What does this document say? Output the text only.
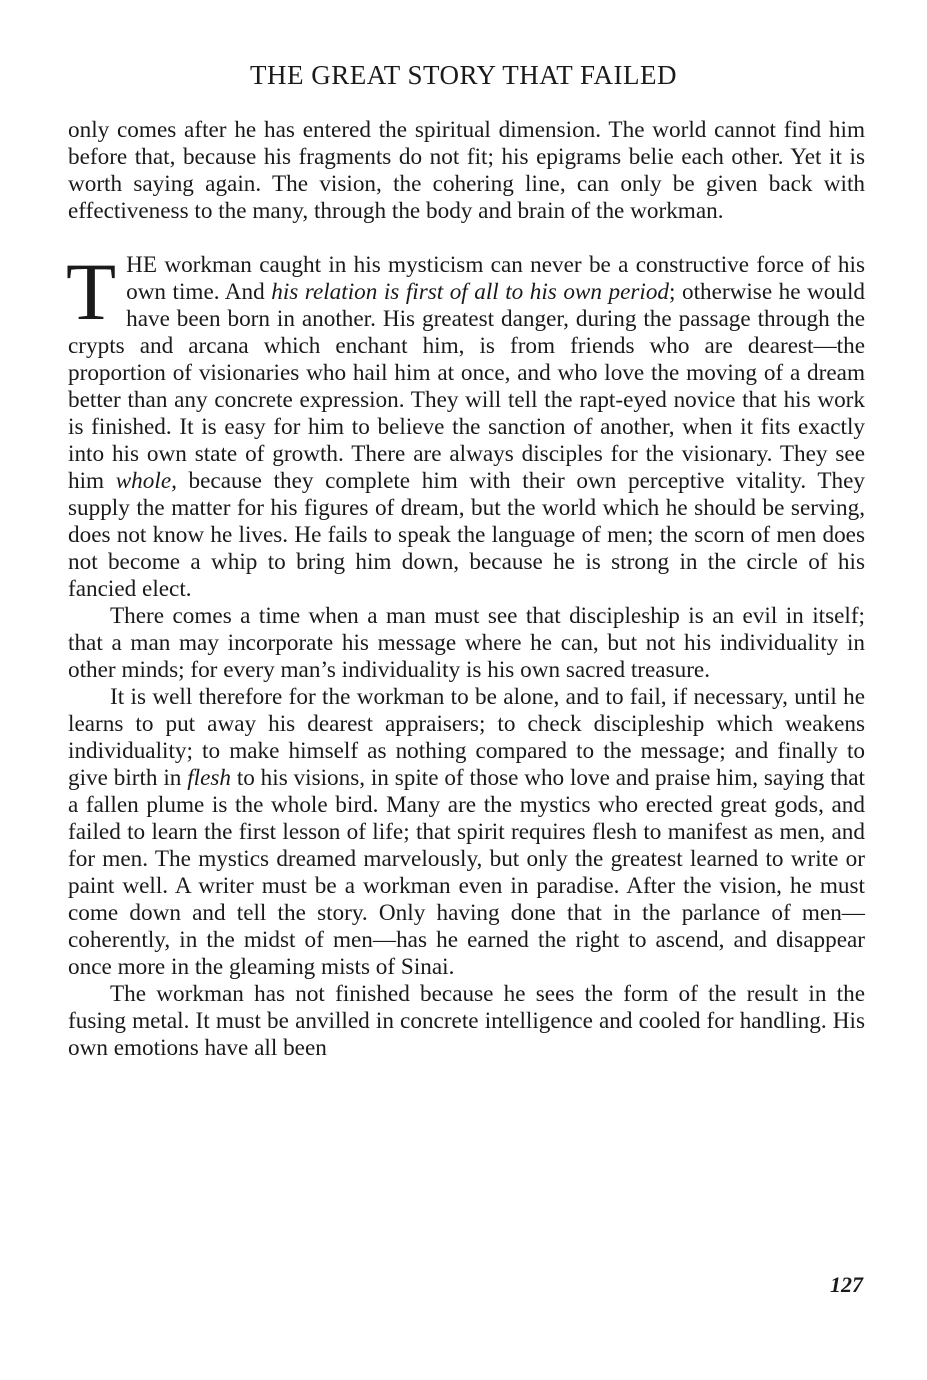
THE GREAT STORY THAT FAILED

only comes after he has entered the spiritual dimension. The world cannot find him before that, because his fragments do not fit; his epigrams belie each other. Yet it is worth saying again. The vision, the cohering line, can only be given back with effectiveness to the many, through the body and brain of the workman.

THE workman caught in his mysticism can never be a constructive force of his own time. And his relation is first of all to his own period; otherwise he would have been born in another. His greatest danger, during the passage through the crypts and arcana which enchant him, is from friends who are dearest—the proportion of visionaries who hail him at once, and who love the moving of a dream better than any concrete expression. They will tell the rapt-eyed novice that his work is finished. It is easy for him to believe the sanction of another, when it fits exactly into his own state of growth. There are always disciples for the visionary. They see him whole, because they complete him with their own perceptive vitality. They supply the matter for his figures of dream, but the world which he should be serving, does not know he lives. He fails to speak the language of men; the scorn of men does not become a whip to bring him down, because he is strong in the circle of his fancied elect.

There comes a time when a man must see that discipleship is an evil in itself; that a man may incorporate his message where he can, but not his individuality in other minds; for every man’s individuality is his own sacred treasure.

It is well therefore for the workman to be alone, and to fail, if necessary, until he learns to put away his dearest appraisers; to check discipleship which weakens individuality; to make himself as nothing compared to the message; and finally to give birth in flesh to his visions, in spite of those who love and praise him, saying that a fallen plume is the whole bird. Many are the mystics who erected great gods, and failed to learn the first lesson of life; that spirit requires flesh to manifest as men, and for men. The mystics dreamed marvelously, but only the greatest learned to write or paint well. A writer must be a workman even in paradise. After the vision, he must come down and tell the story. Only having done that in the parlance of men—coherently, in the midst of men—has he earned the right to ascend, and disappear once more in the gleaming mists of Sinai.

The workman has not finished because he sees the form of the result in the fusing metal. It must be anvilled in concrete intelligence and cooled for handling. His own emotions have all been

127
